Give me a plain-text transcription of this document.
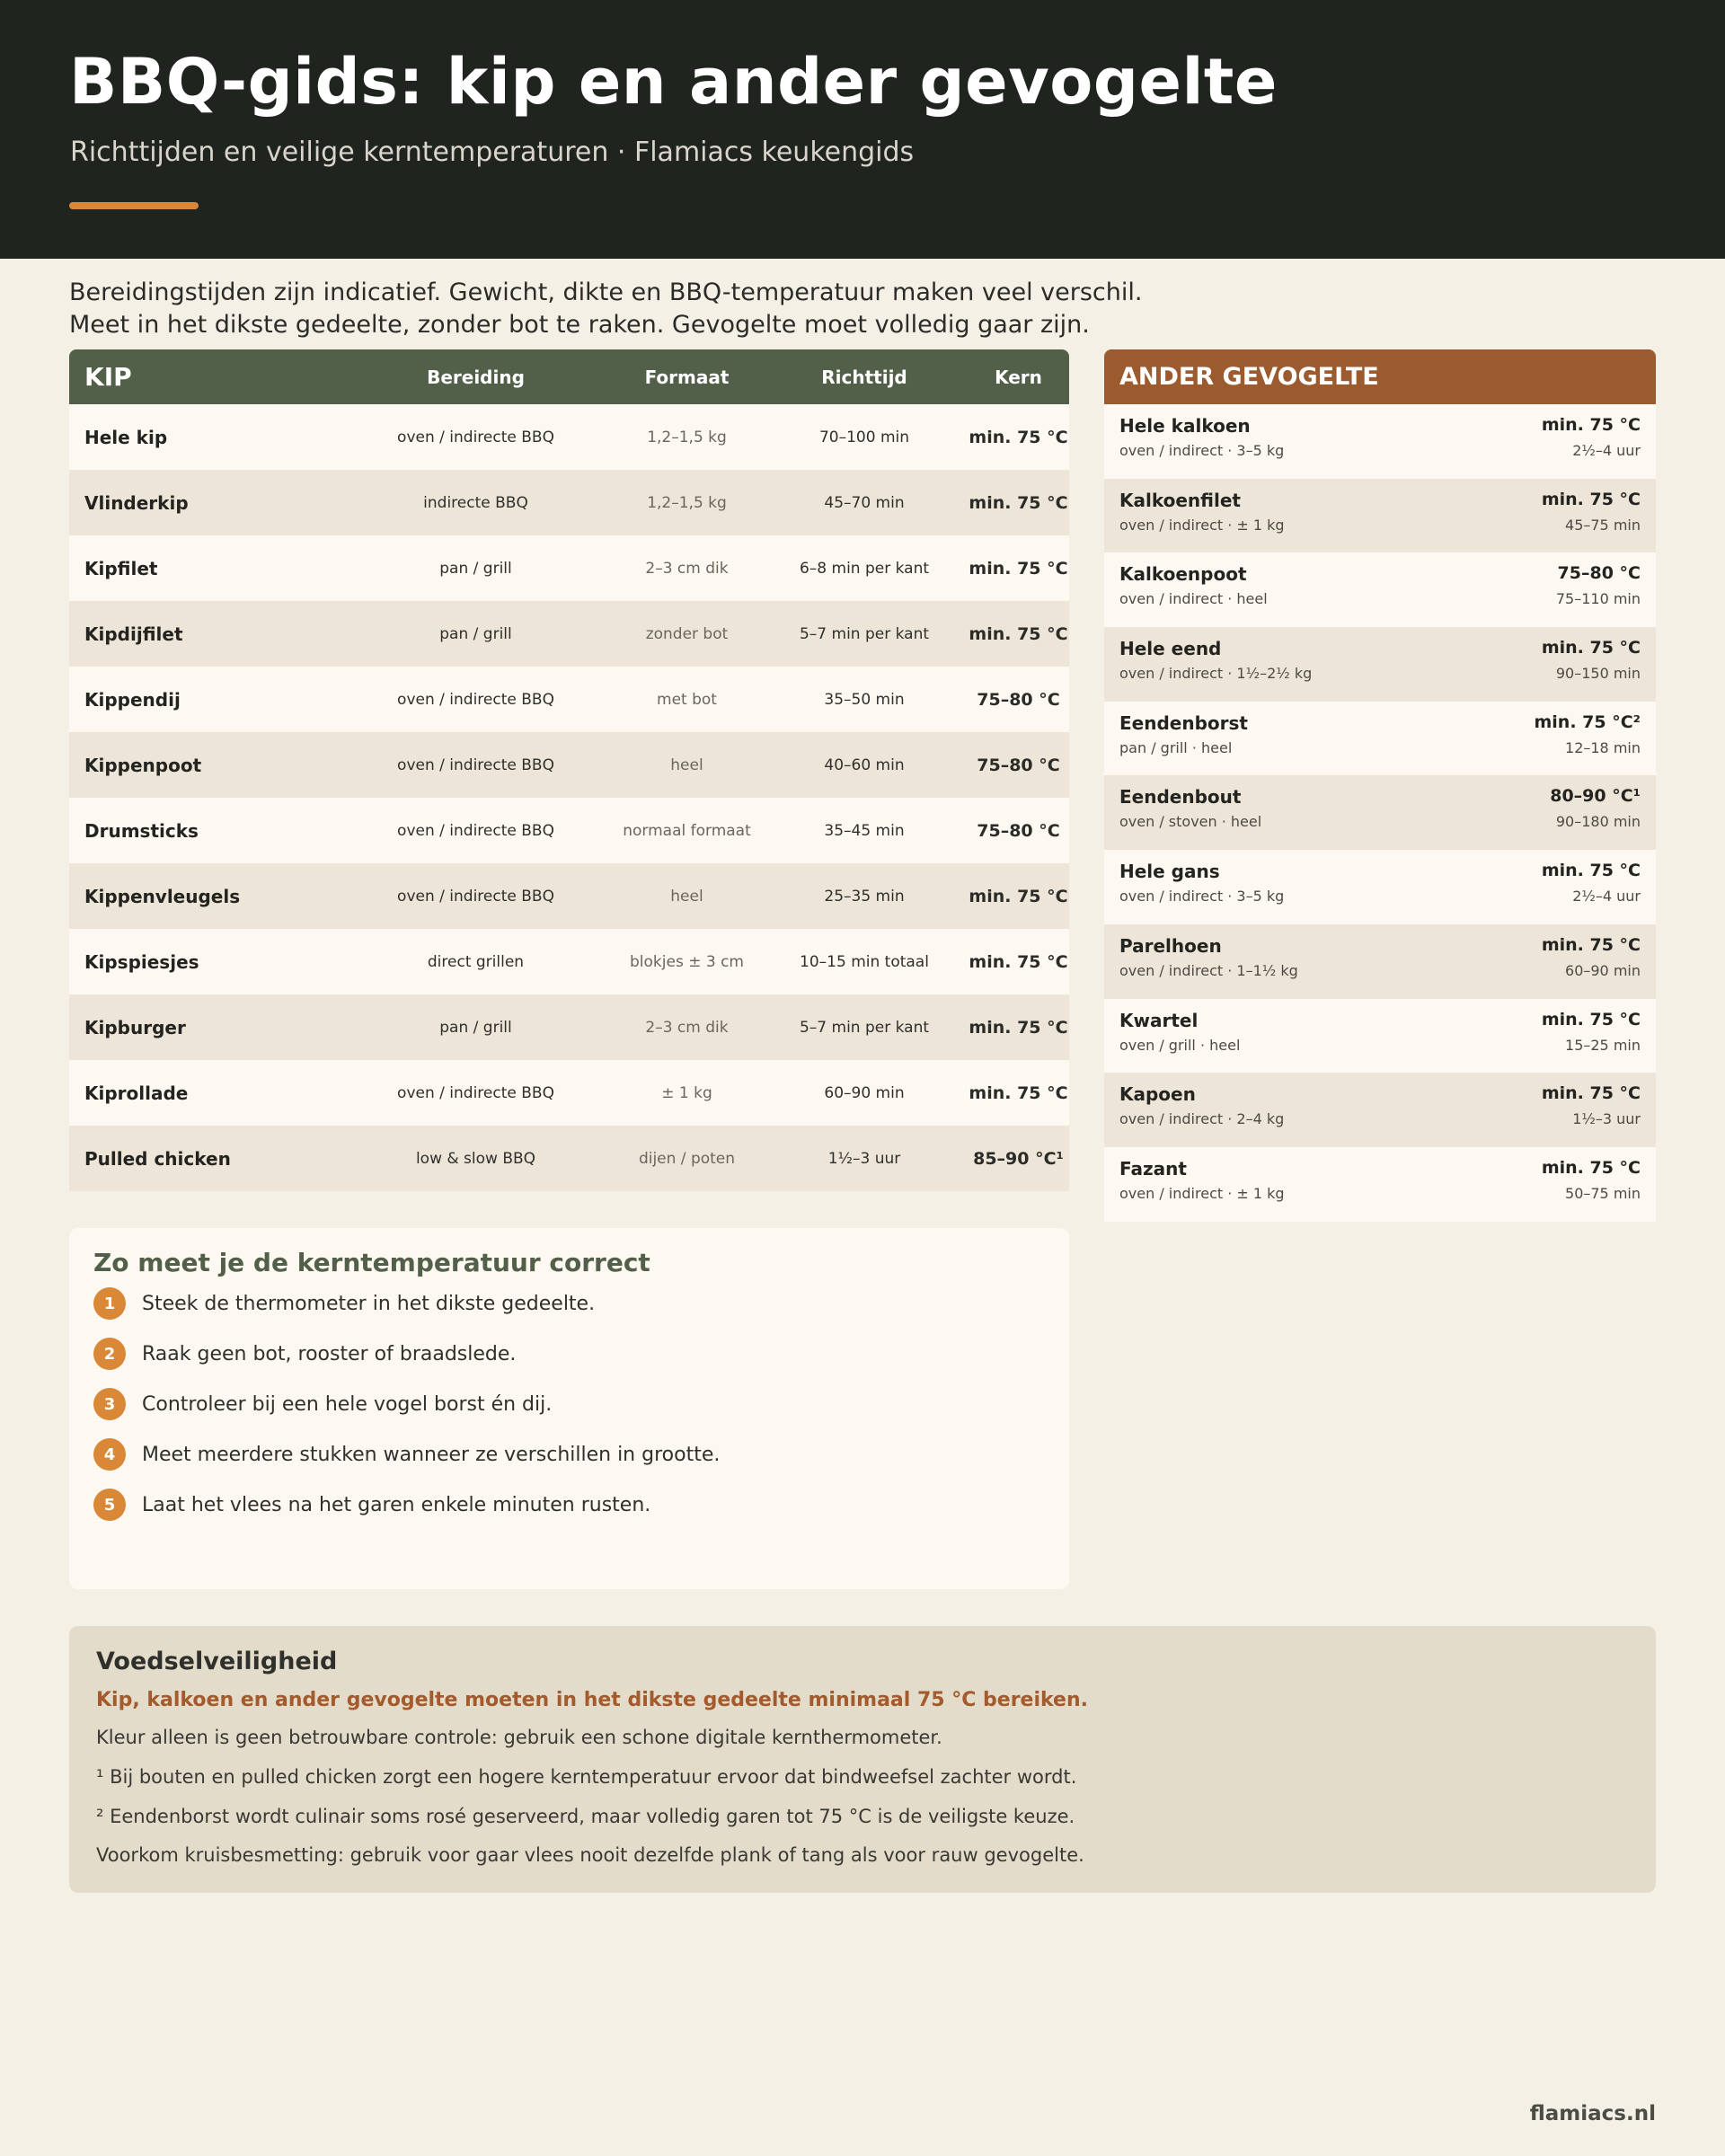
BBQ-gids: kip en ander gevogelte
Richttijden en veilige kerntemperaturen · Flamiacs keukengids
Bereidingstijden zijn indicatief. Gewicht, dikte en BBQ-temperatuur maken veel verschil.
Meet in het dikste gedeelte, zonder bot te raken. Gevogelte moet volledig gaar zijn.
KIP	Bereiding	Formaat	Richttijd	Kern
Hele kip	oven / indirecte BBQ	1,2–1,5 kg	70–100 min	min. 75 °C
Vlinderkip	indirecte BBQ	1,2–1,5 kg	45–70 min	min. 75 °C
Kipfilet	pan / grill	2–3 cm dik	6–8 min per kant	min. 75 °C
Kipdijfilet	pan / grill	zonder bot	5–7 min per kant	min. 75 °C
Kippendij	oven / indirecte BBQ	met bot	35–50 min	75–80 °C
Kippenpoot	oven / indirecte BBQ	heel	40–60 min	75–80 °C
Drumsticks	oven / indirecte BBQ	normaal formaat	35–45 min	75–80 °C
Kippenvleugels	oven / indirecte BBQ	heel	25–35 min	min. 75 °C
Kipspiesjes	direct grillen	blokjes ± 3 cm	10–15 min totaal	min. 75 °C
Kipburger	pan / grill	2–3 cm dik	5–7 min per kant	min. 75 °C
Kiprollade	oven / indirecte BBQ	± 1 kg	60–90 min	min. 75 °C
Pulled chicken	low & slow BBQ	dijen / poten	1½–3 uur	85–90 °C¹
ANDER GEVOGELTE
Hele kalkoen	min. 75 °C
oven / indirect · 3–5 kg	2½–4 uur
Kalkoenfilet	min. 75 °C
oven / indirect · ± 1 kg	45–75 min
Kalkoenpoot	75–80 °C
oven / indirect · heel	75–110 min
Hele eend	min. 75 °C
oven / indirect · 1½–2½ kg	90–150 min
Eendenborst	min. 75 °C²
pan / grill · heel	12–18 min
Eendenbout	80–90 °C¹
oven / stoven · heel	90–180 min
Hele gans	min. 75 °C
oven / indirect · 3–5 kg	2½–4 uur
Parelhoen	min. 75 °C
oven / indirect · 1–1½ kg	60–90 min
Kwartel	min. 75 °C
oven / grill · heel	15–25 min
Kapoen	min. 75 °C
oven / indirect · 2–4 kg	1½–3 uur
Fazant	min. 75 °C
oven / indirect · ± 1 kg	50–75 min
Zo meet je de kerntemperatuur correct
1	Steek de thermometer in het dikste gedeelte.
2	Raak geen bot, rooster of braadslede.
3	Controleer bij een hele vogel borst én dij.
4	Meet meerdere stukken wanneer ze verschillen in grootte.
5	Laat het vlees na het garen enkele minuten rusten.
Voedselveiligheid
Kip, kalkoen en ander gevogelte moeten in het dikste gedeelte minimaal 75 °C bereiken.
Kleur alleen is geen betrouwbare controle: gebruik een schone digitale kernthermometer.
¹ Bij bouten en pulled chicken zorgt een hogere kerntemperatuur ervoor dat bindweefsel zachter wordt.
² Eendenborst wordt culinair soms rosé geserveerd, maar volledig garen tot 75 °C is de veiligste keuze.
Voorkom kruisbesmetting: gebruik voor gaar vlees nooit dezelfde plank of tang als voor rauw gevogelte.
flamiacs.nl
